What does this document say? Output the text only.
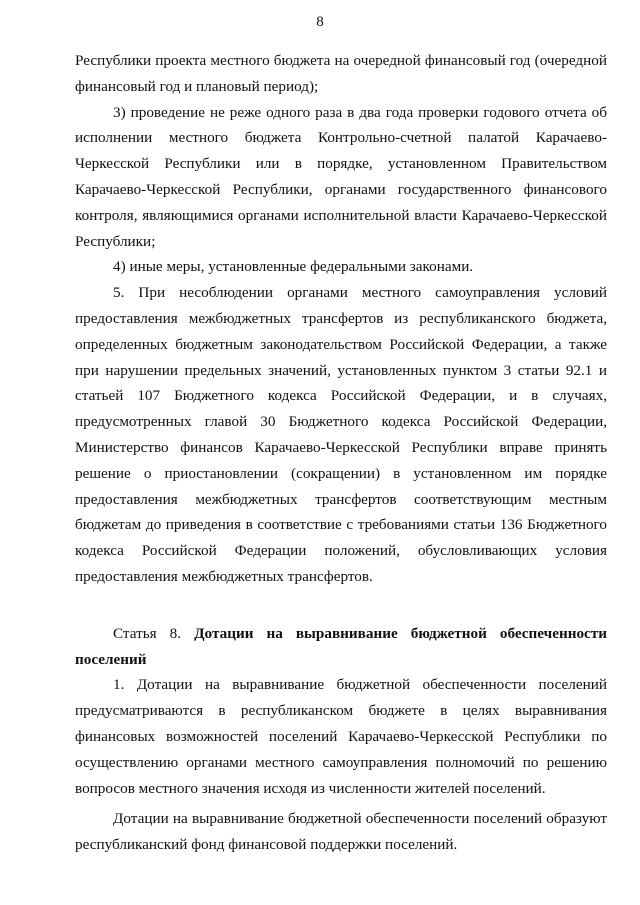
8

Республики проекта местного бюджета на очередной финансовый год (очередной финансовый год и плановый период);

3) проведение не реже одного раза в два года проверки годового отчета об исполнении местного бюджета Контрольно-счетной палатой Карачаево-Черкесской Республики или в порядке, установленном Правительством Карачаево-Черкесской Республики, органами государственного финансового контроля, являющимися органами исполнительной власти Карачаево-Черкесской Республики;

4) иные меры, установленные федеральными законами.

5. При несоблюдении органами местного самоуправления условий предоставления межбюджетных трансфертов из республиканского бюджета, определенных бюджетным законодательством Российской Федерации, а также при нарушении предельных значений, установленных пунктом 3 статьи 92.1 и статьей 107 Бюджетного кодекса Российской Федерации, и в случаях, предусмотренных главой 30 Бюджетного кодекса Российской Федерации, Министерство финансов Карачаево-Черкесской Республики вправе принять решение о приостановлении (сокращении) в установленном им порядке предоставления межбюджетных трансфертов соответствующим местным бюджетам до приведения в соответствие с требованиями статьи 136 Бюджетного кодекса Российской Федерации положений, обусловливающих условия предоставления межбюджетных трансфертов.

Статья 8. Дотации на выравнивание бюджетной обеспеченности поселений

1. Дотации на выравнивание бюджетной обеспеченности поселений предусматриваются в республиканском бюджете в целях выравнивания финансовых возможностей поселений Карачаево-Черкесской Республики по осуществлению органами местного самоуправления полномочий по решению вопросов местного значения исходя из численности жителей поселений.

Дотации на выравнивание бюджетной обеспеченности поселений образуют республиканский фонд финансовой поддержки поселений.
